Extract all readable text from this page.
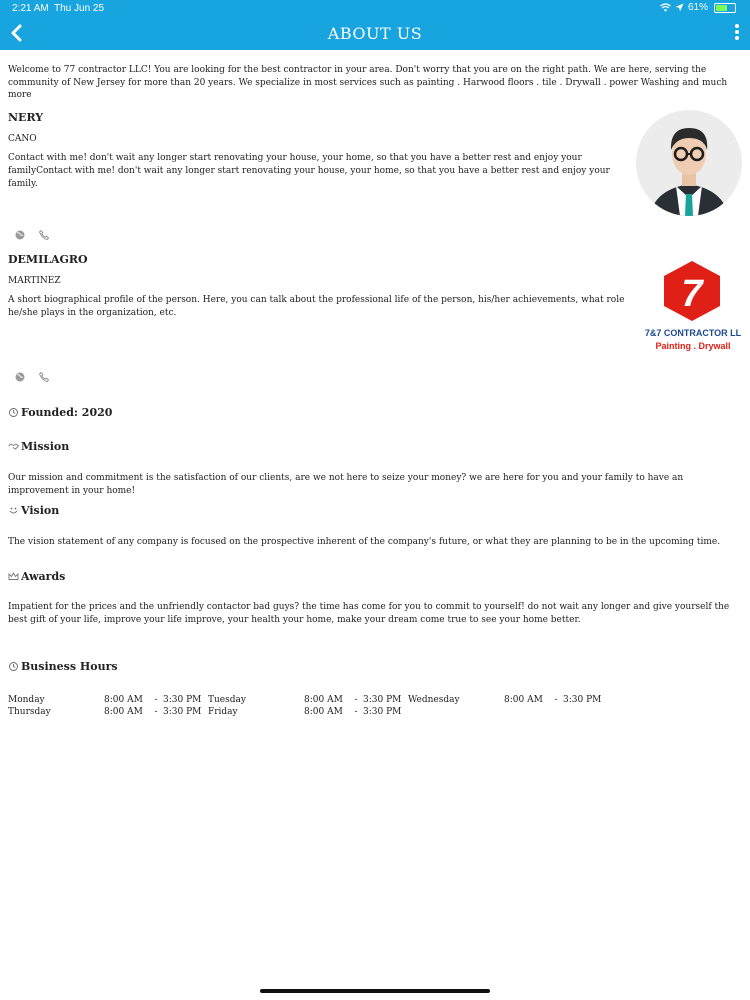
2:21 AM Thu Jun 25	61%
ABOUT US

Welcome to 77 contractor LLC! You are looking for the best contractor in your area. Don't worry that you are on the right path. We are here, serving the community of New Jersey for more than 20 years. We specialize in most services such as painting . Harwood floors . tile . Drywall . power Washing and much more

NERY
CANO
Contact with me! don't wait any longer start renovating your house, your home, so that you have a better rest and enjoy your familyContact with me! don't wait any longer start renovating your house, your home, so that you have a better rest and enjoy your family.
DEMILAGRO
MARTINEZ
A short biographical profile of the person. Here, you can talk about the professional life of the person, his/her achievements, what role he/she plays in the organization, etc.	7
7&7 CONTRACTOR LL
Painting . Drywall
Founded: 2020
Mission

Our mission and commitment is the satisfaction of our clients, are we not here to seize your money? we are here for you and your family to have an improvement in your home!

Vision

The vision statement of any company is focused on the prospective inherent of the company's future, or what they are planning to be in the upcoming time.

Awards

Impatient for the prices and the unfriendly contactor bad guys? the time has come for you to commit to yourself! do not wait any longer and give yourself the best gift of your life, improve your life improve, your health your home, make your dream come true to see your home better.

Business Hours
Monday	8:00 AM	- 3:30 PM Tuesday	8:00 AM	- 3:30 PM Wednesday	8:00 AM	- 3:30 PM
Thursday	8:00 AM	- 3:30 PM Friday	8:00 AM	- 3:30 PM
